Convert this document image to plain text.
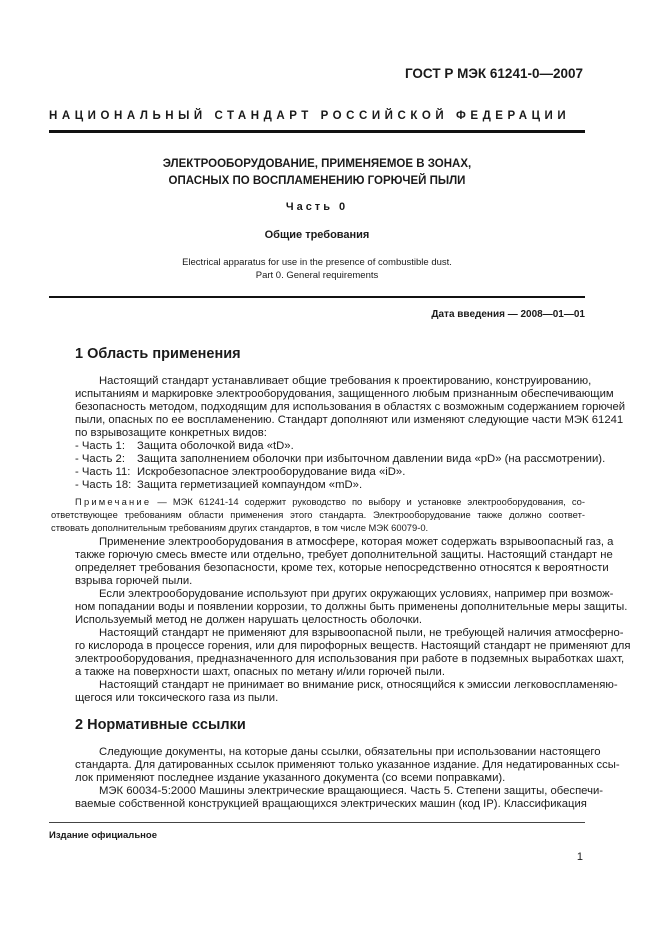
ГОСТ Р МЭК 61241-0—2007
НАЦИОНАЛЬНЫЙ СТАНДАРТ РОССИЙСКОЙ ФЕДЕРАЦИИ
ЭЛЕКТРООБОРУДОВАНИЕ, ПРИМЕНЯЕМОЕ В ЗОНАХ,
ОПАСНЫХ ПО ВОСПЛАМЕНЕНИЮ ГОРЮЧЕЙ ПЫЛИ
Часть 0
Общие требования
Electrical apparatus for use in the presence of combustible dust.
Part 0. General requirements
Дата введения — 2008—01—01
1 Область применения
Настоящий стандарт устанавливает общие требования к проектированию, конструированию,
испытаниям и маркировке электрооборудования, защищенного любым признанным обеспечивающим
безопасность методом, подходящим для использования в областях с возможным содержанием горючей
пыли, опасных по ее воспламенению. Стандарт дополняют или изменяют следующие части МЭК 61241
по взрывозащите конкретных видов:
- Часть 1: Защита оболочкой вида «tD».
- Часть 2: Защита заполнением оболочки при избыточном давлении вида «pD» (на рассмотрении).
- Часть 11: Искробезопасное электрооборудование вида «iD».
- Часть 18: Защита герметизацией компаундом «mD».
Примечание — МЭК 61241-14 содержит руководство по выбору и установке электрооборудования, со-
ответствующее требованиям области применения этого стандарта. Электрооборудование также должно соответ-
ствовать дополнительным требованиям других стандартов, в том числе МЭК 60079-0.
Применение электрооборудования в атмосфере, которая может содержать взрывоопасный газ, а
также горючую смесь вместе или отдельно, требует дополнительной защиты. Настоящий стандарт не
определяет требования безопасности, кроме тех, которые непосредственно относятся к вероятности
взрыва горючей пыли.
Если электрооборудование используют при других окружающих условиях, например при возмож-
ном попадании воды и появлении коррозии, то должны быть применены дополнительные меры защиты.
Используемый метод не должен нарушать целостность оболочки.
Настоящий стандарт не применяют для взрывоопасной пыли, не требующей наличия атмосферно-
го кислорода в процессе горения, или для пирофорных веществ. Настоящий стандарт не применяют для
электрооборудования, предназначенного для использования при работе в подземных выработках шахт,
а также на поверхности шахт, опасных по метану и/или горючей пыли.
Настоящий стандарт не принимает во внимание риск, относящийся к эмиссии легковоспламеняю-
щегося или токсического газа из пыли.
2 Нормативные ссылки
Следующие документы, на которые даны ссылки, обязательны при использовании настоящего
стандарта. Для датированных ссылок применяют только указанное издание. Для недатированных ссы-
лок применяют последнее издание указанного документа (со всеми поправками).
МЭК 60034-5:2000 Машины электрические вращающиеся. Часть 5. Степени защиты, обеспечи-
ваемые собственной конструкцией вращающихся электрических машин (код IP). Классификация
Издание официальное
1
